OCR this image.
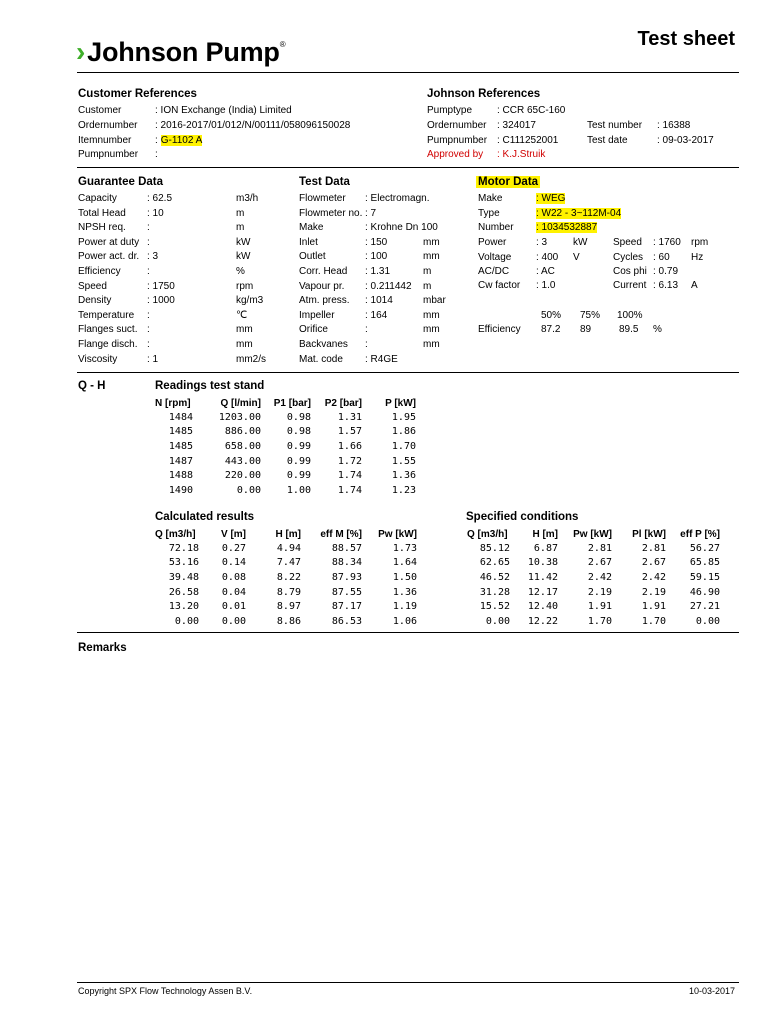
›Johnson Pump®	Test sheet
Customer References
Customer	: ION Exchange (India) Limited
Ordernumber : 2016-2017/01/012/N/00111/058096150028
Itemnumber : G-1102 A
Pumpnumber :
Johnson References
Pumptype : CCR 65C-160
Ordernumber : 324017	Test number : 16388
Pumpnumber : C111252001	Test date	: 09-03-2017
Approved by : K.J.Struik
Guarantee Data	Test Data	Motor Data
Capacity	: 62.5	m3/h
Total Head : 10	m
NPSH req. :	m
Power at duty :	kW
Power act. dr. : 3	kW
Efficiency	:	%
Speed	: 1750	rpm
Density	: 1000	kg/m3
Temperature :	℃
Flanges suct. :	mm
Flange disch. :	mm
Viscosity	: 1	mm2/s
Flowmeter : Electromagn.
Flowmeter no. : 7
Make	: Krohne Dn 100
Inlet	: 150	mm
Outlet	: 100	mm
Corr. Head : 1.31	m
Vapour pr. : 0.211442 m
Atm. press. : 1014	mbar
Impeller	: 164	mm
Orifice	:	mm
Backvanes :	mm
Mat. code : R4GE
Make	: WEG
Type	: W22 - 3~112M-04
Number : 1034532887
Power	: 3	kW	Speed : 1760 rpm
Voltage : 400 V	Cycles : 60 Hz
AC/DC	: AC	Cos phi : 0.79
Cw factor : 1.0	Current : 6.13 A
50% 75% 100%
Efficiency 87.2 89	89.5 %
Q - H	Readings test stand
N [rpm]	Q [l/min]	P1 [bar]	P2 [bar]	P [kW]
1484	1203.00	0.98	1.31	1.95
1485	886.00	0.98	1.57	1.86
1485	658.00	0.99	1.66	1.70
1487	443.00	0.99	1.72	1.55
1488	220.00	0.99	1.74	1.36
1490	0.00	1.00	1.74	1.23
Calculated results
Q [m3/h]	V [m]	H [m]	eff M [%]	Pw [kW]
72.18	0.27	4.94	88.57	1.73
53.16	0.14	7.47	88.34	1.64
39.48	0.08	8.22	87.93	1.50
26.58	0.04	8.79	87.55	1.36
13.20	0.01	8.97	87.17	1.19
0.00	0.00	8.86	86.53	1.06
Specified conditions
Q [m3/h]	H [m]	Pw [kW]	Pl [kW]	eff P [%]
85.12	6.87	2.81	2.81	56.27
62.65	10.38	2.67	2.67	65.85
46.52	11.42	2.42	2.42	59.15
31.28	12.17	2.19	2.19	46.90
15.52	12.40	1.91	1.91	27.21
0.00	12.22	1.70	1.70	0.00
Remarks
Copyright SPX Flow Technology Assen B.V.	10-03-2017
